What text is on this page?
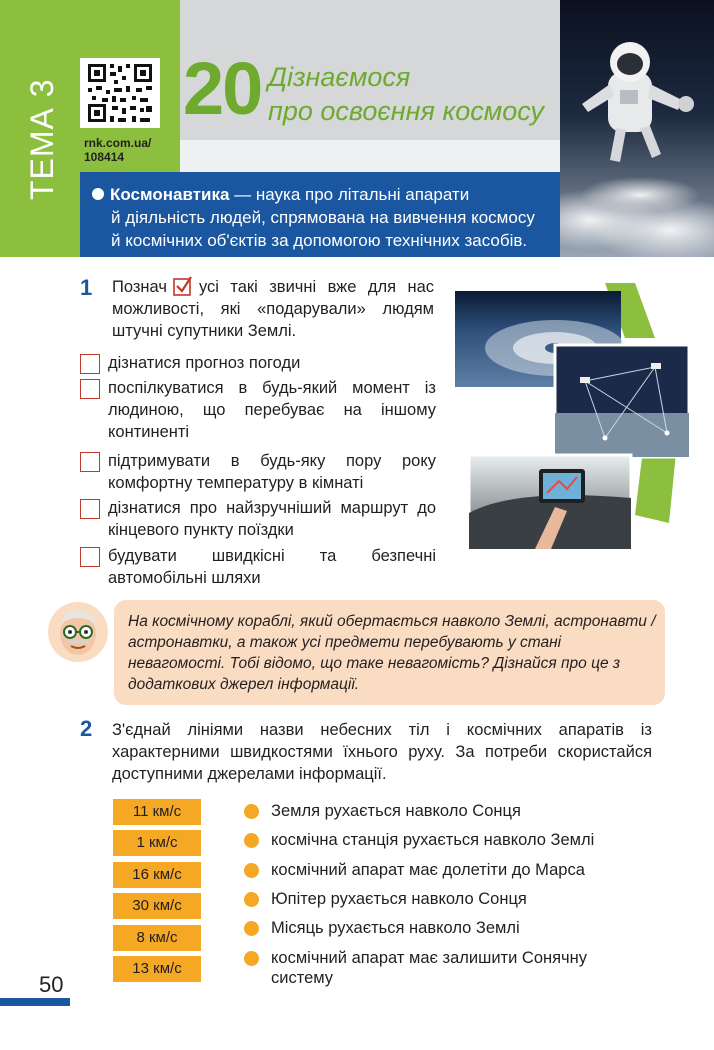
ТЕМА 3 rnk.com.ua/
108414
20 Дізнаємося
про освоєння космосу
Космонавтика — наука про літальні апарати
й діяльність людей, спрямована на вивчення космосу
й космічних об'єктів за допомогою технічних засобів.
1 Познач усі такі звичні вже для нас можливості, які «подарували» людям штучні супутники Землі.
дізнатися прогноз погоди
поспілкуватися в будь-який момент із людиною, що перебуває на іншому континенті
підтримувати в будь-яку пору року комфортну температуру в кімнаті
дізнатися про найзручніший маршрут до кінцевого пункту поїздки
будувати швидкісні та безпечні автомобільні шляхи
На космічному кораблі, який обертається навколо Землі, астронавти / астронавтки, а також усі предмети перебувають у стані невагомості. Тобі відомо, що таке невагомість? Дізнайся про це з додаткових джерел інформації.
2 З'єднай лініями назви небесних тіл і космічних апаратів із характерними швидкостями їхнього руху. За потреби скористайся доступними джерелами інформації.
11 км/с
1 км/с
16 км/с
30 км/с
8 км/с
13 км/с
Земля рухається навколо Сонця
космічна станція рухається навколо Землі
космічний апарат має долетіти до Марса
Юпітер рухається навколо Сонця
Місяць рухається навколо Землі
космічний апарат має залишити Сонячну систему
50
